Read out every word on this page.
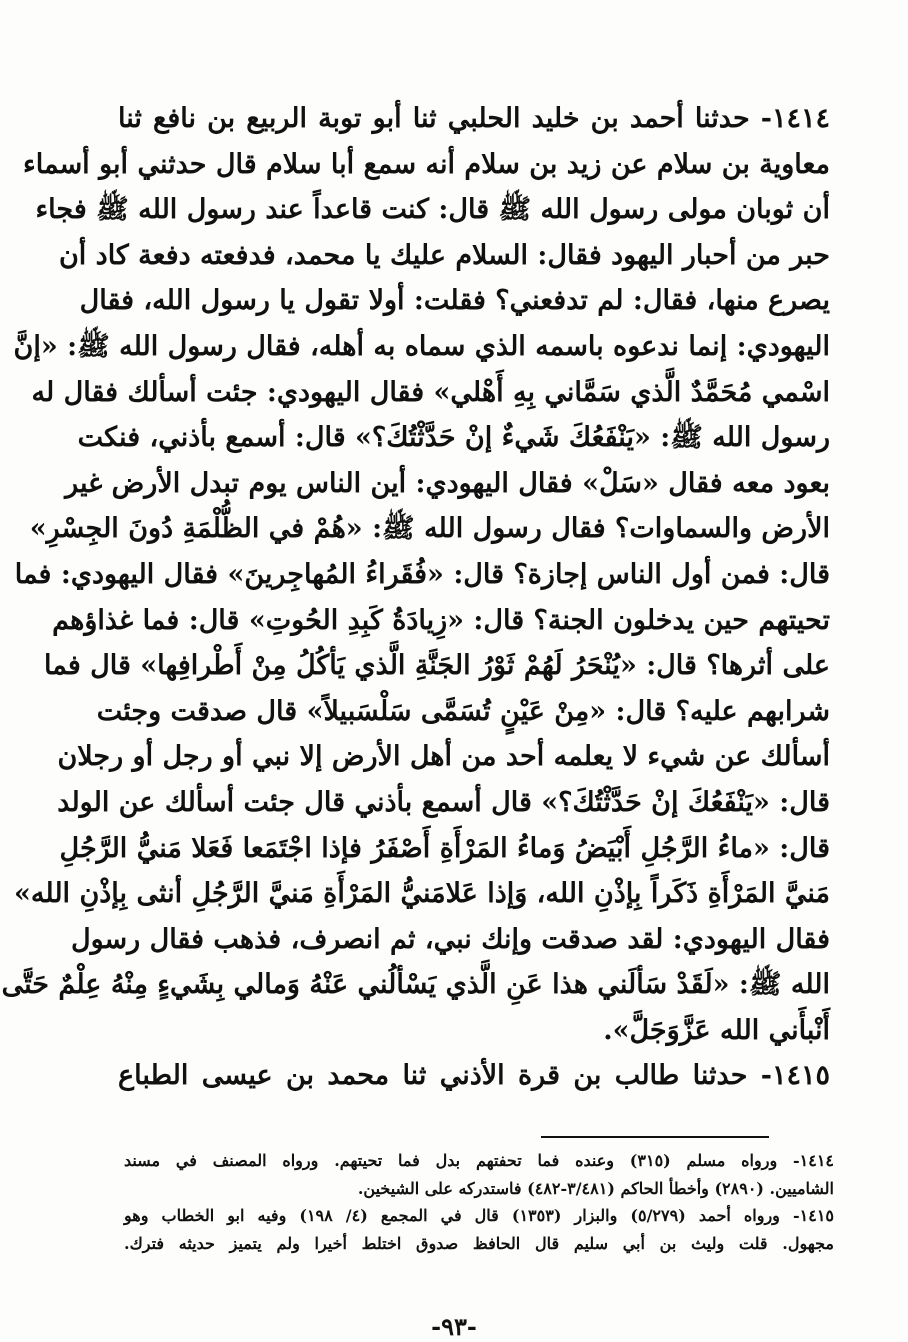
١٤١٤- حدثنا أحمد بن خليد الحلبي ثنا أبو توبة الربيع بن نافع ثنا
معاوية بن سلام عن زيد بن سلام أنه سمع أبا سلام قال حدثني أبو أسماء
أن ثوبان مولى رسول الله ﷺ قال: كنت قاعداً عند رسول الله ﷺ فجاء
حبر من أحبار اليهود فقال: السلام عليك يا محمد، فدفعته دفعة كاد أن
يصرع منها، فقال: لم تدفعني؟ فقلت: أولا تقول يا رسول الله، فقال
اليهودي: إنما ندعوه باسمه الذي سماه به أهله، فقال رسول الله ﷺ: «إنَّ
اسْمي مُحَمَّدٌ الَّذي سَمَّاني بِهِ أَهْلي» فقال اليهودي: جئت أسألك فقال له
رسول الله ﷺ: «يَنْفَعُكَ شَيءٌ إنْ حَدَّثْتُكَ؟» قال: أسمع بأذني، فنكت
بعود معه فقال «سَلْ» فقال اليهودي: أين الناس يوم تبدل الأرض غير
الأرض والسماوات؟ فقال رسول الله ﷺ: «هُمْ في الظُّلْمَةِ دُونَ الجِسْرِ»
قال: فمن أول الناس إجازة؟ قال: «فُقَراءُ المُهاجِرينَ» فقال اليهودي: فما
تحيتهم حين يدخلون الجنة؟ قال: «زِيادَةُ كَبِدِ الحُوتِ» قال: فما غذاؤهم
على أثرها؟ قال: «يُنْحَرُ لَهُمْ ثَوْرُ الجَنَّةِ الَّذي يَأكُلُ مِنْ أَطْرافِها» قال فما
شرابهم عليه؟ قال: «مِنْ عَيْنٍ تُسَمَّى سَلْسَبيلاً» قال صدقت وجئت
أسألك عن شيء لا يعلمه أحد من أهل الأرض إلا نبي أو رجل أو رجلان
قال: «يَنْفَعُكَ إنْ حَدَّثْتُكَ؟» قال أسمع بأذني قال جئت أسألك عن الولد
قال: «ماءُ الرَّجُلِ أَبْيَضُ وَماءُ المَرْأَةِ أَصْفَرُ فإذا اجْتَمَعا فَعَلا مَنيُّ الرَّجُلِ
مَنيَّ المَرْأَةِ ذَكَراً بِإذْنِ الله، وَإذا عَلامَنيُّ المَرْأَةِ مَنيَّ الرَّجُلِ أنثى بِإذْنِ الله»
فقال اليهودي: لقد صدقت وإنك نبي، ثم انصرف، فذهب فقال رسول
الله ﷺ: «لَقَدْ سَألَني هذا عَنِ الَّذي يَسْألُني عَنْهُ وَمالي بِشَيءٍ مِنْهُ عِلْمٌ حَتَّى
أَنْبأَني الله عَزَّوَجَلَّ».
١٤١٥- حدثنا طالب بن قرة الأذني ثنا محمد بن عيسى الطباع
١٤١٤- ورواه مسلم (٣١٥) وعنده فما تحفتهم بدل فما تحيتهم. ورواه المصنف في مسند
الشاميين. (٢٨٩٠) وأخطأ الحاكم (٣/٤٨١-٤٨٢) فاستدركه على الشيخين.
١٤١٥- ورواه أحمد (٥/٢٧٩) والبزار (١٣٥٣) قال في المجمع (٤/ ١٩٨) وفيه ابو الخطاب وهو
مجهول. قلت وليث بن أبي سليم قال الحافظ صدوق اختلط أخيرا ولم يتميز حديثه فترك.
-٩٣-
